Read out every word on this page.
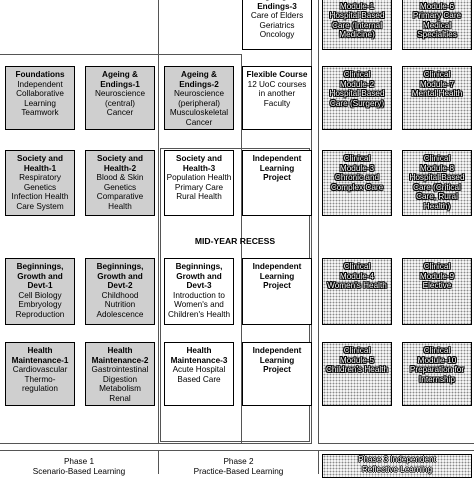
Foundations
Independent
Collaborative
Learning
Teamwork
Society and
Health-1
Respiratory
Genetics
Infection Health
Care System
Beginnings,
Growth and
Devt-1
Cell Biology
Embryology
Reproduction
Health
Maintenance-1
Cardiovascular
Thermo-
regulation
Ageing &
Endings-1
Neuroscience
(central)
Cancer
Society and
Health-2
Blood & Skin
Genetics
Comparative
Health
Beginnings,
Growth and
Devt-2
Childhood
Nutrition
Adolescence
Health
Maintenance-2
Gastrointestinal
Digestion
Metabolism
Renal
Ageing &
Endings-2
Neuroscience
(peripheral)
Musculoskeletal
Cancer
Society and
Health-3
Population Health
Primary Care
Rural Health
Beginnings,
Growth and
Devt-3
Introduction to
Women's and
Children's Health
Health
Maintenance-3
Acute Hospital
Based Care

Endings-3
Care of Elders
Geriatrics
Oncology
Flexible Course
12 UoC courses
in another
Faculty
Independent
Learning
Project
Independent
Learning
Project
Independent
Learning
Project

Module-1
Hospital Based
Care (Internal
Medicine)
Clinical
Module-2
Hospital Based
Care (Surgery)
Clinical
Module-3
Chronic and
Complex Care
Clinical
Module-4
Women's Health
Clinical
Module-5
Children's Health

Module-6
Primary Care
Medical
Specialties
Clinical
Module-7
Mental Health
Clinical
Module-8
Hospital Based
Care (Critical
Care, Rural
Health)
Clinical
Module-9
Elective
Clinical
Module-10
Preparation for
Internship
MID-YEAR RECESS
Phase 1
Scenario-Based Learning
Phase 2
Practice-Based Learning
Phase 3 Independent
Reflective Learning
